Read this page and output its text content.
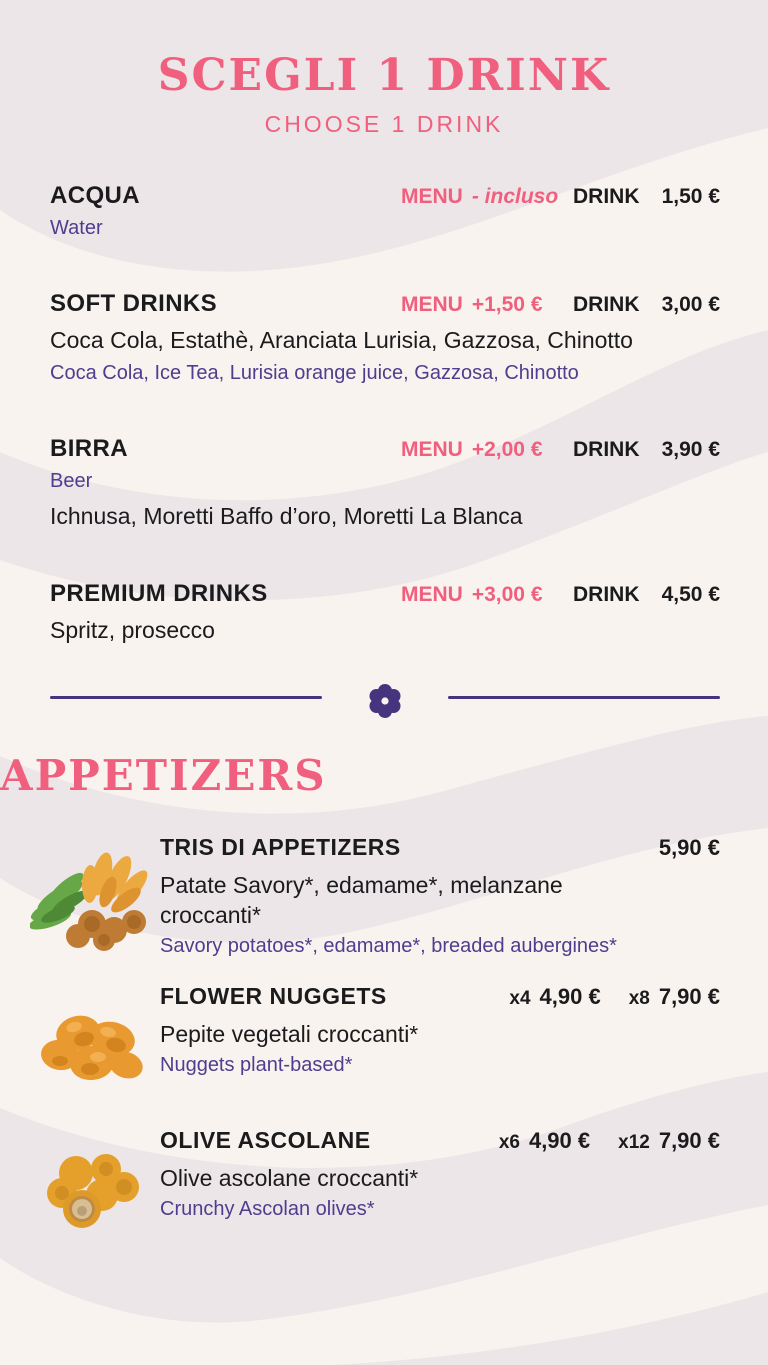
SCEGLI 1 DRINK
CHOOSE 1 DRINK
ACQUA	MENU - incluso DRINK 1,50 €
Water
SOFT DRINKS	MENU +1,50 € DRINK 3,00 €
Coca Cola, Estathè, Aranciata Lurisia, Gazzosa, Chinotto
Coca Cola, Ice Tea, Lurisia orange juice, Gazzosa, Chinotto
BIRRA	MENU +2,00 € DRINK 3,90 €
Beer
Ichnusa, Moretti Baffo d’oro, Moretti La Blanca
PREMIUM DRINKS	MENU +3,00 € DRINK 4,50 €
Spritz, prosecco
APPETIZERS
TRIS DI APPETIZERS	5,90 €
Patate Savory*, edamame*, melanzane croccanti*
Savory potatoes*, edamame*, breaded aubergines*
FLOWER NUGGETS	x4 4,90 € x8 7,90 €
Pepite vegetali croccanti*
Nuggets plant-based*
OLIVE ASCOLANE	x6 4,90 € x12 7,90 €
Olive ascolane croccanti*
Crunchy Ascolan olives*
